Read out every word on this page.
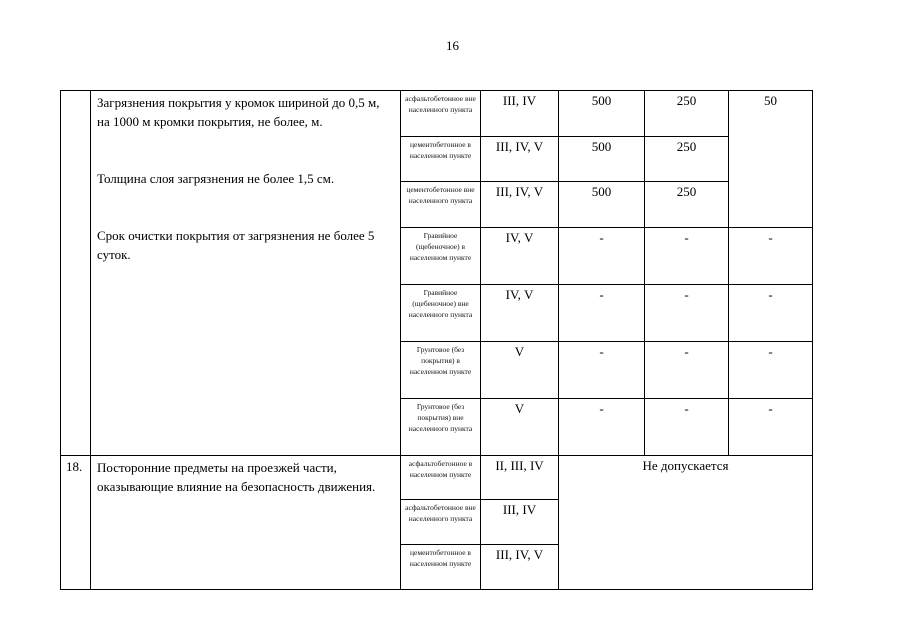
16

	Загрязнения покрытия у кромок шириной до 0,5 м, на 1000 м кромки покрытия, не более, м.

Толщина слоя загрязнения не более 1,5 см.

Срок очистки покрытия от загрязнения не более 5 суток.	асфальтобетонное вне населенного пункта	III, IV	500	250	50
		цементобетонное в населенном пункте	III, IV, V	500	250	
		цементобетонное вне населенного пункта	III, IV, V	500	250	
		Гравийное (щебеночное) в населенном пункте	IV, V	-	-	-
		Гравийное (щебеночное) вне населенного пункта	IV, V	-	-	-
		Грунтовое (без покрытия) в населенном пункте	V	-	-	-
		Грунтовое (без покрытия) вне населенного пункта	V	-	-	-
18.	Посторонние предметы на проезжей части, оказывающие влияние на безопасность движения.	асфальтобетонное в населенном пункте	II, III, IV	Не допускается		
		асфальтобетонное вне населенного пункта	III, IV			
		цементобетонное в населенном пункте	III, IV, V			
